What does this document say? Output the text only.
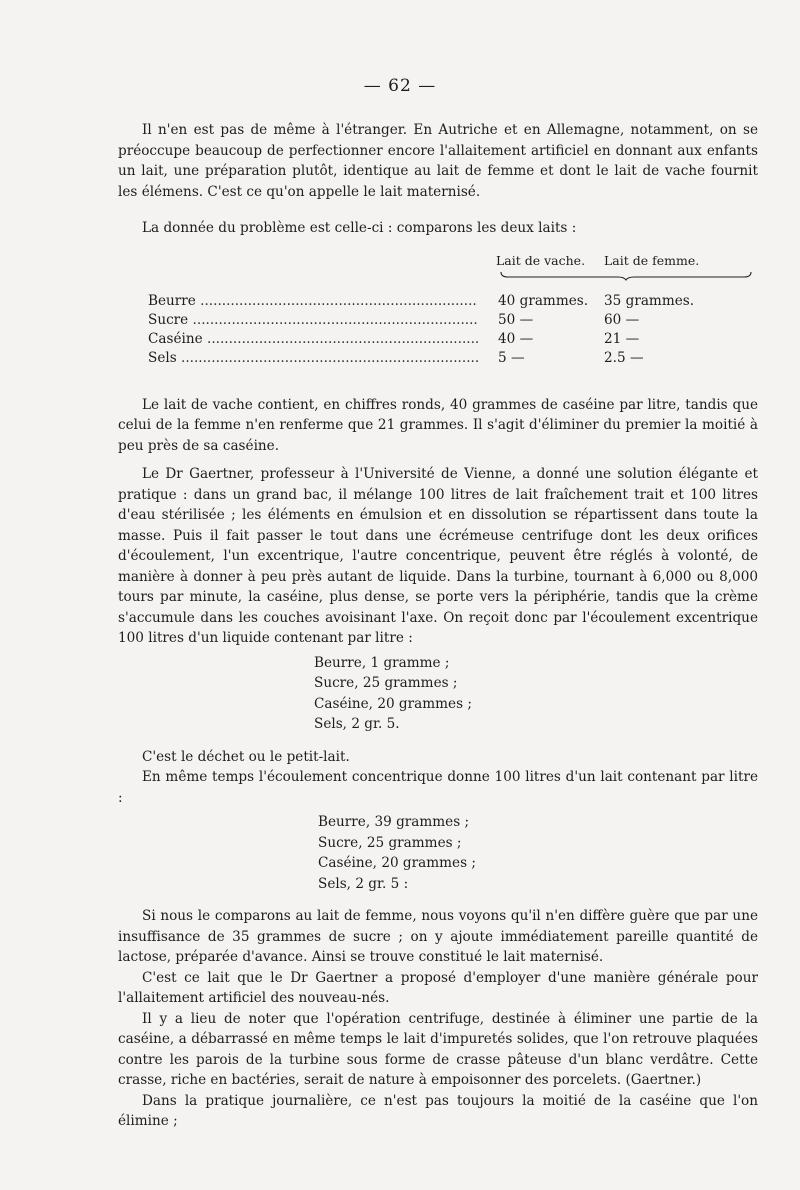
— 62 —

Il n'en est pas de même à l'étranger. En Autriche et en Allemagne, notamment, on se préoccupe beaucoup de perfectionner encore l'allaitement artificiel en donnant aux enfants un lait, une préparation plutôt, identique au lait de femme et dont le lait de vache fournit les élémens. C'est ce qu'on appelle le lait maternisé.

La donnée du problème est celle-ci : comparons les deux laits :

Lait de vache. Lait de femme.
Beurre .....	40 grammes. 35 grammes.
Sucre .....	50 —	60 —
Caséine .....	40 —	21 —
Sels .....	5 —	2.5 —

Le lait de vache contient, en chiffres ronds, 40 grammes de caséine par litre, tandis que celui de la femme n'en renferme que 21 grammes. Il s'agit d'éliminer du premier la moitié à peu près de sa caséine.

Le Dr Gaertner, professeur à l'Université de Vienne, a donné une solution élégante et pratique : dans un grand bac, il mélange 100 litres de lait fraîchement trait et 100 litres d'eau stérilisée ; les éléments en émulsion et en dissolution se répartissent dans toute la masse. Puis il fait passer le tout dans une écrémeuse centrifuge dont les deux orifices d'écoulement, l'un excentrique, l'autre concentrique, peuvent être réglés à volonté, de manière à donner à peu près autant de liquide. Dans la turbine, tournant à 6,000 ou 8,000 tours par minute, la caséine, plus dense, se porte vers la périphérie, tandis que la crème s'accumule dans les couches avoisinant l'axe. On reçoit donc par l'écoulement excentrique 100 litres d'un liquide contenant par litre :

Beurre, 1 gramme ;
Sucre, 25 grammes ;
Caséine, 20 grammes ;
Sels, 2 gr. 5.

C'est le déchet ou le petit-lait.

En même temps l'écoulement concentrique donne 100 litres d'un lait contenant par litre :

Beurre, 39 grammes ;
Sucre, 25 grammes ;
Caséine, 20 grammes ;
Sels, 2 gr. 5 :

Si nous le comparons au lait de femme, nous voyons qu'il n'en diffère guère que par une insuffisance de 35 grammes de sucre ; on y ajoute immédiatement pareille quantité de lactose, préparée d'avance. Ainsi se trouve constitué le lait maternisé.

C'est ce lait que le Dr Gaertner a proposé d'employer d'une manière générale pour l'allaitement artificiel des nouveau-nés.

Il y a lieu de noter que l'opération centrifuge, destinée à éliminer une partie de la caséine, a débarrassé en même temps le lait d'impuretés solides, que l'on retrouve plaquées contre les parois de la turbine sous forme de crasse pâteuse d'un blanc verdâtre. Cette crasse, riche en bactéries, serait de nature à empoisonner des porcelets. (Gaertner.)

Dans la pratique journalière, ce n'est pas toujours la moitié de la caséine que l'on élimine ;
